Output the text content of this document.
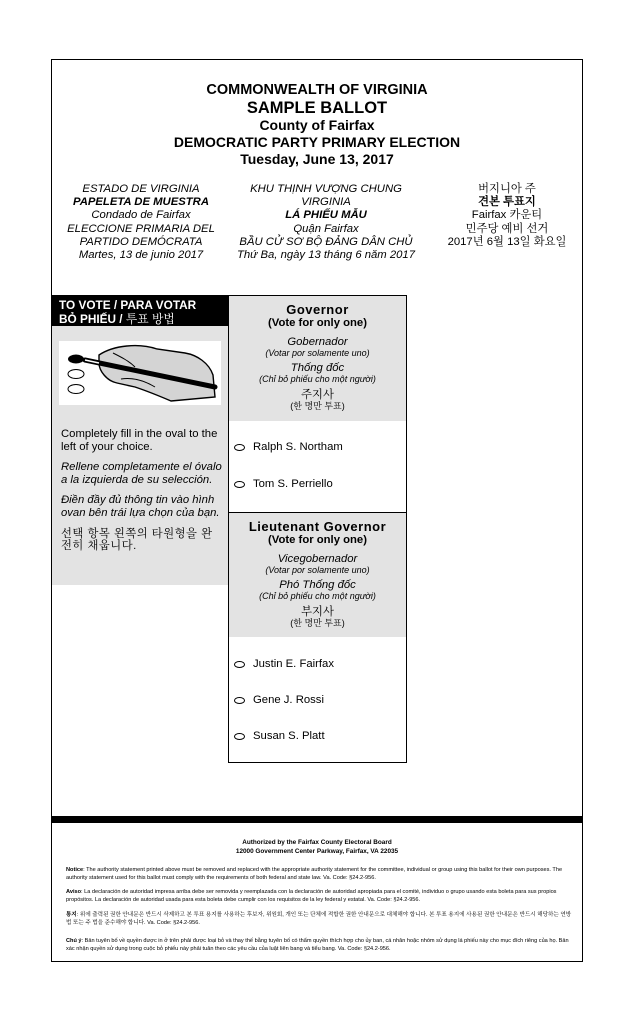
COMMONWEALTH OF VIRGINIA
SAMPLE BALLOT
County of Fairfax
DEMOCRATIC PARTY PRIMARY ELECTION
Tuesday, June 13, 2017
ESTADO DE VIRGINIA
PAPELETA DE MUESTRA
Condado de Fairfax
ELECCIONE PRIMARIA DEL
PARTIDO DEMÓCRATA
Martes, 13 de junio 2017
KHU THỊNH VƯỢNG CHUNG
VIRGINIA
LÁ PHIẾU MẪU
Quận Fairfax
BẦU CỬ SƠ BỘ ĐẢNG DÂN CHỦ
Thứ Ba, ngày 13 tháng 6 năm 2017
버지니아 주
견본 투표지
Fairfax 카운티
민주당 예비 선거
2017년 6월 13일 화요일
TO VOTE / PARA VOTAR
BỎ PHIẾU / 투표 방법

Completely fill in the oval to the left of your choice.

Rellene completamente el óvalo a la izquierda de su selección.

Điền đầy đủ thông tin vào hình ovan bên trái lựa chọn của bạn.

선택 항목 왼쪽의 타원형을 완전히 채웁니다.

Governor
(Vote for only one)
Gobernador
(Votar por solamente uno)
Thống đốc
(Chỉ bỏ phiếu cho một người)
주지사
(한 명만 투표)
Ralph S. Northam
Tom S. Perriello
Lieutenant Governor
(Vote for only one)
Vicegobernador
(Votar por solamente uno)
Phó Thống đốc
(Chỉ bỏ phiếu cho một người)
부지사
(한 명만 투표)
Justin E. Fairfax
Gene J. Rossi
Susan S. Platt
Authorized by the Fairfax County Electoral Board
12000 Government Center Parkway, Fairfax, VA 22035
Notice: The authority statement printed above must be removed and replaced with the appropriate authority statement for the committee, individual or group using this ballot for their own purposes. The authority statement used for this ballot must comply with the requirements of both federal and state law. Va. Code: §24.2-956.
Aviso: La declaración de autoridad impresa arriba debe ser removida y reemplazada con la declaración de autoridad apropiada para el comité, individuo o grupo usando esta boleta para sus propios propósitos. La declaración de autoridad usada para esta boleta debe cumplir con los requisitos de la ley federal y estatal. Va. Code: §24.2-956.
통지: 위에 출력된 권한 안내문은 반드시 삭제하고 본 투표 용지를 사용하는 후보자, 위원회, 개인 또는 단체에 적합한 권한 안내문으로 대체해야 합니다. 본 투표 용지에 사용된 권한 안내문은 반드시 해당하는 연방법 또는 주 법을 준수해야 합니다. Va. Code: §24.2-956.
Chú ý: Bản tuyên bố về quyền được in ở trên phải được loại bỏ và thay thế bằng tuyên bố có thẩm quyền thích hợp cho ủy ban, cá nhân hoặc nhóm sử dụng lá phiếu này cho mục đích riêng của họ. Bản xác nhận quyền sử dụng trong cuộc bỏ phiếu này phải tuân theo các yêu cầu của luật liên bang và tiểu bang. Va. Code: §24.2-956.
